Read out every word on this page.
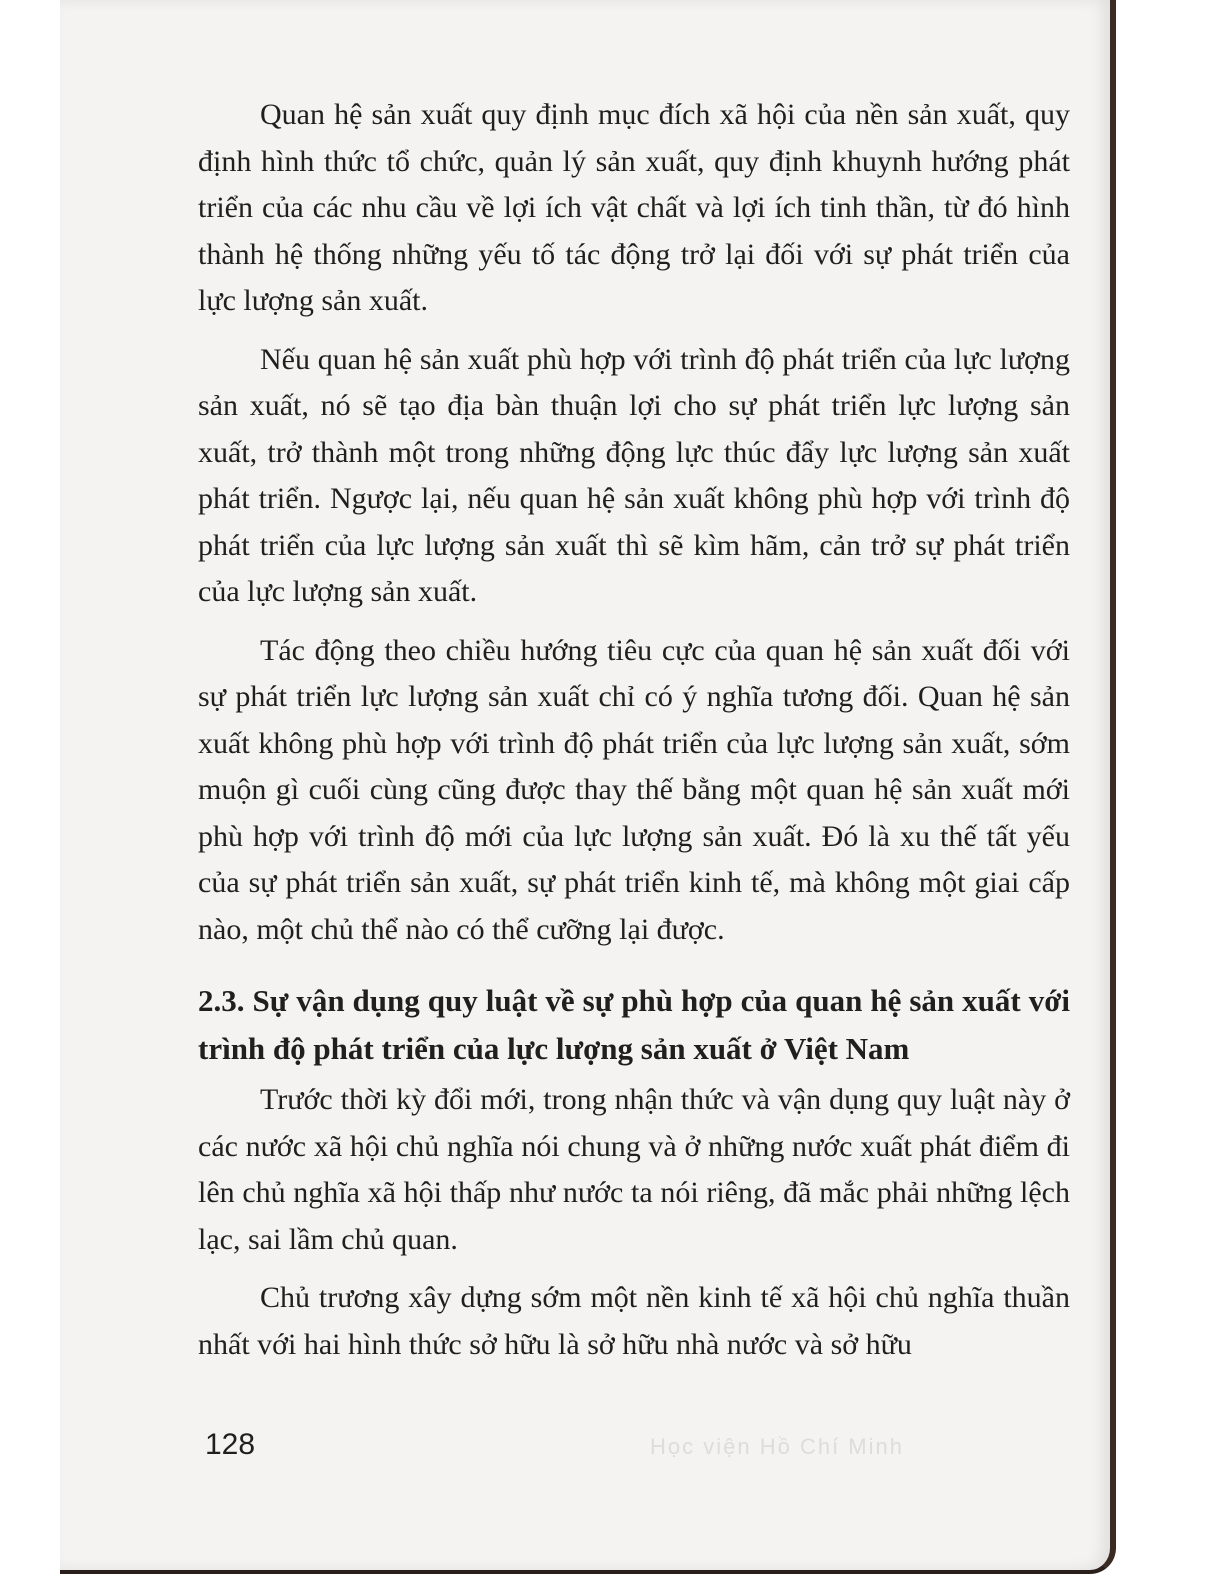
Quan hệ sản xuất quy định mục đích xã hội của nền sản xuất, quy định hình thức tổ chức, quản lý sản xuất, quy định khuynh hướng phát triển của các nhu cầu về lợi ích vật chất và lợi ích tinh thần, từ đó hình thành hệ thống những yếu tố tác động trở lại đối với sự phát triển của lực lượng sản xuất.

Nếu quan hệ sản xuất phù hợp với trình độ phát triển của lực lượng sản xuất, nó sẽ tạo địa bàn thuận lợi cho sự phát triển lực lượng sản xuất, trở thành một trong những động lực thúc đẩy lực lượng sản xuất phát triển. Ngược lại, nếu quan hệ sản xuất không phù hợp với trình độ phát triển của lực lượng sản xuất thì sẽ kìm hãm, cản trở sự phát triển của lực lượng sản xuất.

Tác động theo chiều hướng tiêu cực của quan hệ sản xuất đối với sự phát triển lực lượng sản xuất chỉ có ý nghĩa tương đối. Quan hệ sản xuất không phù hợp với trình độ phát triển của lực lượng sản xuất, sớm muộn gì cuối cùng cũng được thay thế bằng một quan hệ sản xuất mới phù hợp với trình độ mới của lực lượng sản xuất. Đó là xu thế tất yếu của sự phát triển sản xuất, sự phát triển kinh tế, mà không một giai cấp nào, một chủ thể nào có thể cưỡng lại được.

2.3. Sự vận dụng quy luật về sự phù hợp của quan hệ sản xuất với trình độ phát triển của lực lượng sản xuất ở Việt Nam

Trước thời kỳ đổi mới, trong nhận thức và vận dụng quy luật này ở các nước xã hội chủ nghĩa nói chung và ở những nước xuất phát điểm đi lên chủ nghĩa xã hội thấp như nước ta nói riêng, đã mắc phải những lệch lạc, sai lầm chủ quan.

Chủ trương xây dựng sớm một nền kinh tế xã hội chủ nghĩa thuần nhất với hai hình thức sở hữu là sở hữu nhà nước và sở hữu

128	Học viện Hồ Chí Minh
